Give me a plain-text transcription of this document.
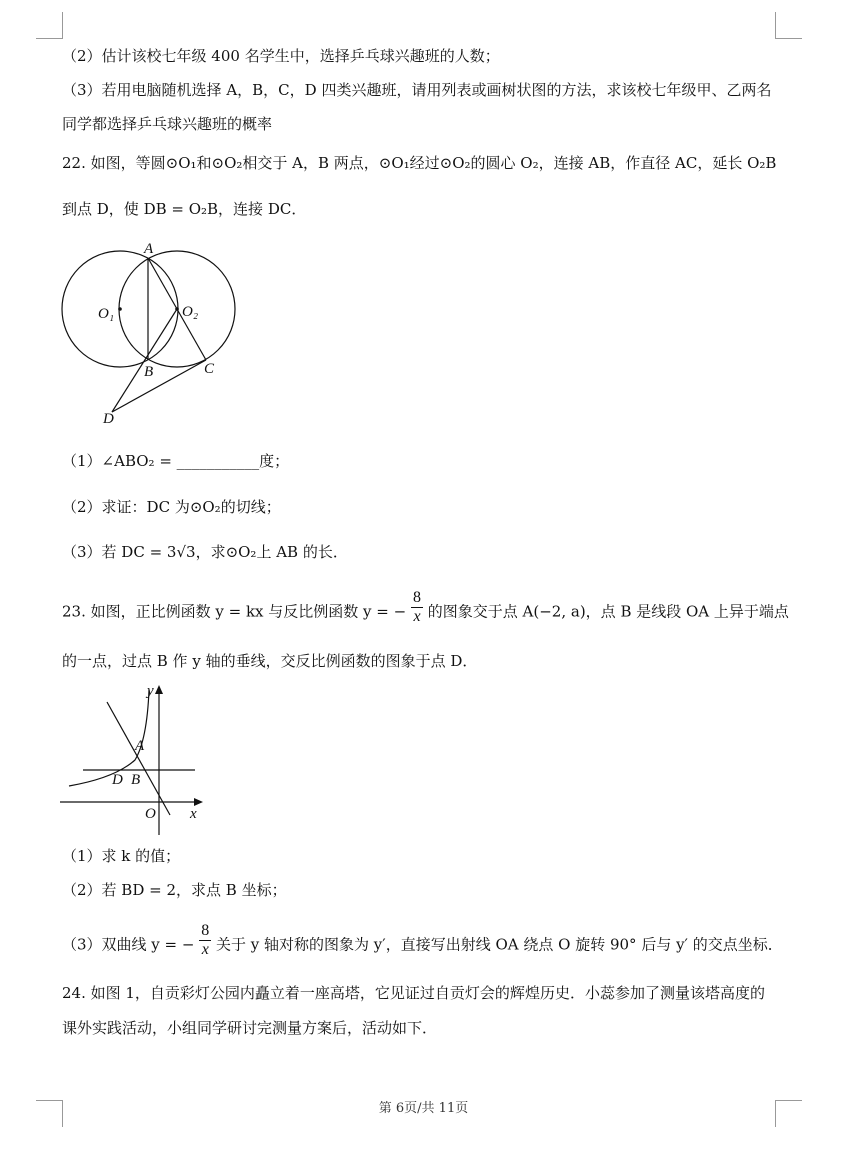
（2）估计该校七年级 400 名学生中，选择乒乓球兴趣班的人数；
（3）若用电脑随机选择 A，B，C，D 四类兴趣班，请用列表或画树状图的方法，求该校七年级甲、乙两名
同学都选择乒乓球兴趣班的概率
22. 如图，等圆⊙O₁和⊙O₂相交于 A，B 两点，⊙O₁经过⊙O₂的圆心 O₂，连接 AB，作直径 AC，延长 O₂B
到点 D，使 DB = O₂B，连接 DC．
A
O₁	O₂
B	C
D
（1）∠ABO₂ = ___________度；
（2）求证：DC 为⊙O₂的切线；
（3）若 DC = 3√3，求⊙O₂上 AB 的长．
23. 如图，正比例函数 y = kx 与反比例函数 y = − $\frac{8}{x}$ 的图象交于点 A(−2, a)，点 B 是线段 OA 上异于端点
的一点，过点 B 作 y 轴的垂线，交反比例函数的图象于点 D．
y
x
A
D B
O
（1）求 k 的值；
（2）若 BD = 2，求点 B 坐标；
（3）双曲线 y = − $\frac{8}{x}$ 关于 y 轴对称的图象为 y′，直接写出射线 OA 绕点 O 旋转 90° 后与 y′ 的交点坐标．
24. 如图 1，自贡彩灯公园内矗立着一座高塔，它见证过自贡灯会的辉煌历史．小蕊参加了测量该塔高度的
课外实践活动，小组同学研讨完测量方案后，活动如下．
第 6页/共 11页
